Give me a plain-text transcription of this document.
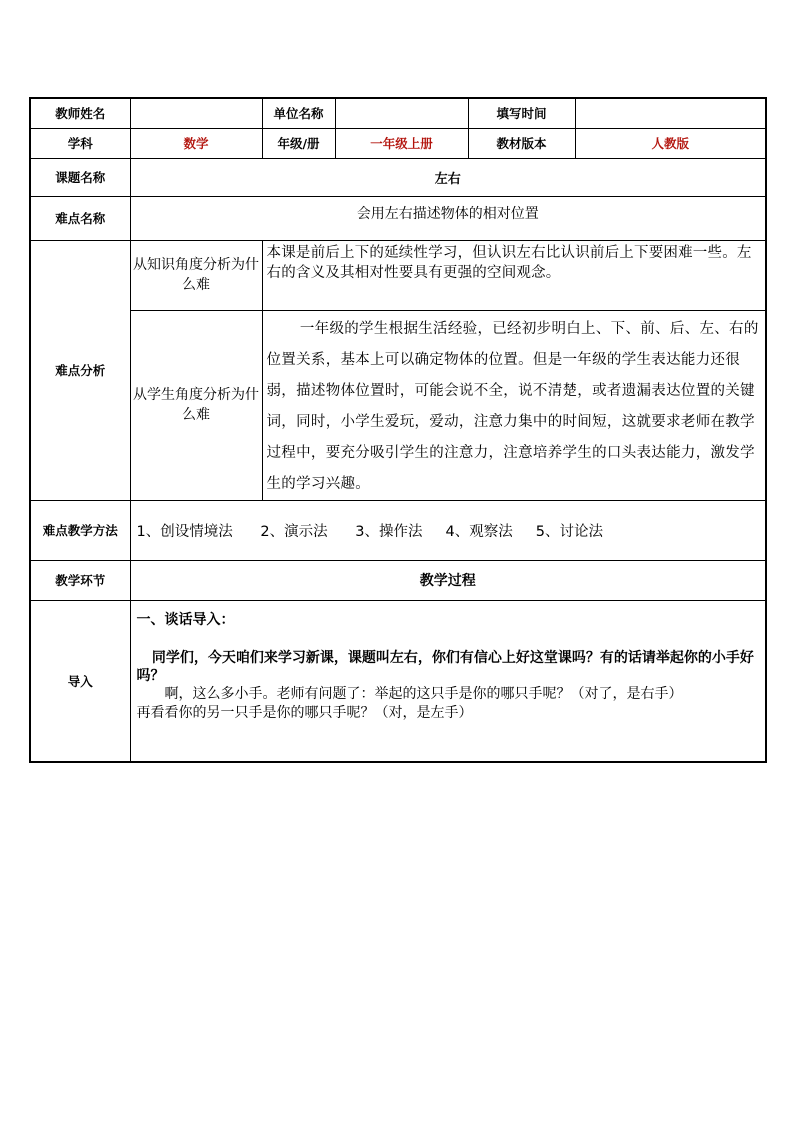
教师姓名		单位名称		填写时间	
学科	数学	年级/册	一年级上册	教材版本	人教版
课题名称	左右				
难点名称	会用左右描述物体的相对位置				
难点分析	从知识角度分析为什么难	本课是前后上下的延续性学习，但认识左右比认识前后上下要困难一些。左右的含义及其相对性要具有更强的空间观念。			
	从学生角度分析为什么难	一年级的学生根据生活经验，已经初步明白上、下、前、后、左、右的位置关系，基本上可以确定物体的位置。但是一年级的学生表达能力还很弱，描述物体位置时，可能会说不全，说不清楚，或者遗漏表达位置的关键词，同时，小学生爱玩，爱动，注意力集中的时间短，这就要求老师在教学过程中，要充分吸引学生的注意力，注意培养学生的口头表达能力，激发学生的学习兴趣。			
难点教学方法	1、创设情境法      2、演示法      3、操作法     4、观察法     5、讨论法				
教学环节	教学过程				
导入	一、谈话导入：
同学们，今天咱们来学习新课，课题叫左右，你们有信心上好这堂课吗？有的话请举起你的小手好吗？
啊，这么多小手。老师有问题了：举起的这只手是你的哪只手呢？（对了，是右手）
再看看你的另一只手是你的哪只手呢？（对，是左手）				
